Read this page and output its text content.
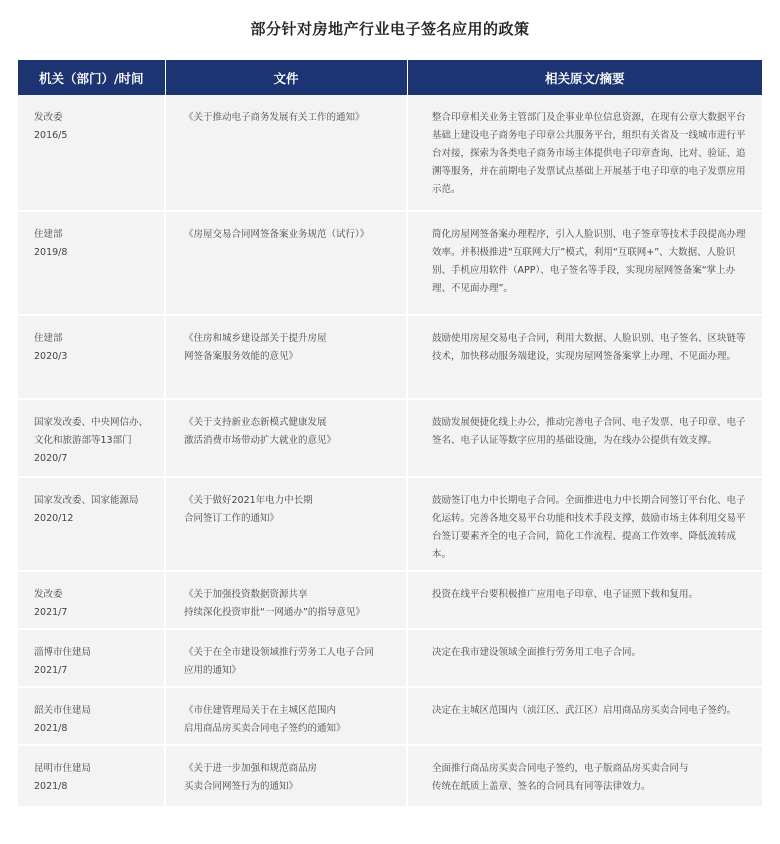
部分针对房地产行业电子签名应用的政策
机关（部门）/时间	文件	相关原文/摘要
发改委
2016/5	《关于推动电子商务发展有关工作的通知》	整合印章相关业务主管部门及企事业单位信息资源，在现有公章大数据平台基础上建设电子商务电子印章公共服务平台，组织有关省及一线城市进行平台对接，探索为各类电子商务市场主体提供电子印章查询、比对、验证、追溯等服务，并在前期电子发票试点基础上开展基于电子印章的电子发票应用示范。
住建部
2019/8	《房屋交易合同网签备案业务规范（试行）》	简化房屋网签备案办理程序，引入人脸识别、电子签章等技术手段提高办理效率。并积极推进“互联网大厅”模式，利用“互联网+”、大数据、人脸识别、手机应用软件（APP）、电子签名等手段，实现房屋网签备案“掌上办理、不见面办理”。
住建部
2020/3	《住房和城乡建设部关于提升房屋
网签备案服务效能的意见》	鼓励使用房屋交易电子合同，利用大数据、人脸识别、电子签名、区块链等技术，加快移动服务端建设，实现房屋网签备案掌上办理、不见面办理。
国家发改委、中央网信办、
文化和旅游部等13部门
2020/7	《关于支持新业态新模式健康发展
激活消费市场带动扩大就业的意见》	鼓励发展便捷化线上办公，推动完善电子合同、电子发票、电子印章、电子签名、电子认证等数字应用的基础设施，为在线办公提供有效支撑。
国家发改委、国家能源局
2020/12	《关于做好2021年电力中长期
合同签订工作的通知》	鼓励签订电力中长期电子合同。全面推进电力中长期合同签订平台化、电子化运转。完善各地交易平台功能和技术手段支撑，鼓励市场主体利用交易平台签订要素齐全的电子合同，简化工作流程、提高工作效率、降低流转成本。
发改委
2021/7	《关于加强投资数据资源共享
持续深化投资审批“一网通办”的指导意见》	投资在线平台要积极推广应用电子印章、电子证照下载和复用。
淄博市住建局
2021/7	《关于在全市建设领域推行劳务工人电子合同
应用的通知》	决定在我市建设领域全面推行劳务用工电子合同。
韶关市住建局
2021/8	《市住建管理局关于在主城区范围内
启用商品房买卖合同电子签约的通知》	决定在主城区范围内（浈江区、武江区）启用商品房买卖合同电子签约。
昆明市住建局
2021/8	《关于进一步加强和规范商品房
买卖合同网签行为的通知》	全面推行商品房买卖合同电子签约，电子版商品房买卖合同与
传统在纸质上盖章、签名的合同具有同等法律效力。
